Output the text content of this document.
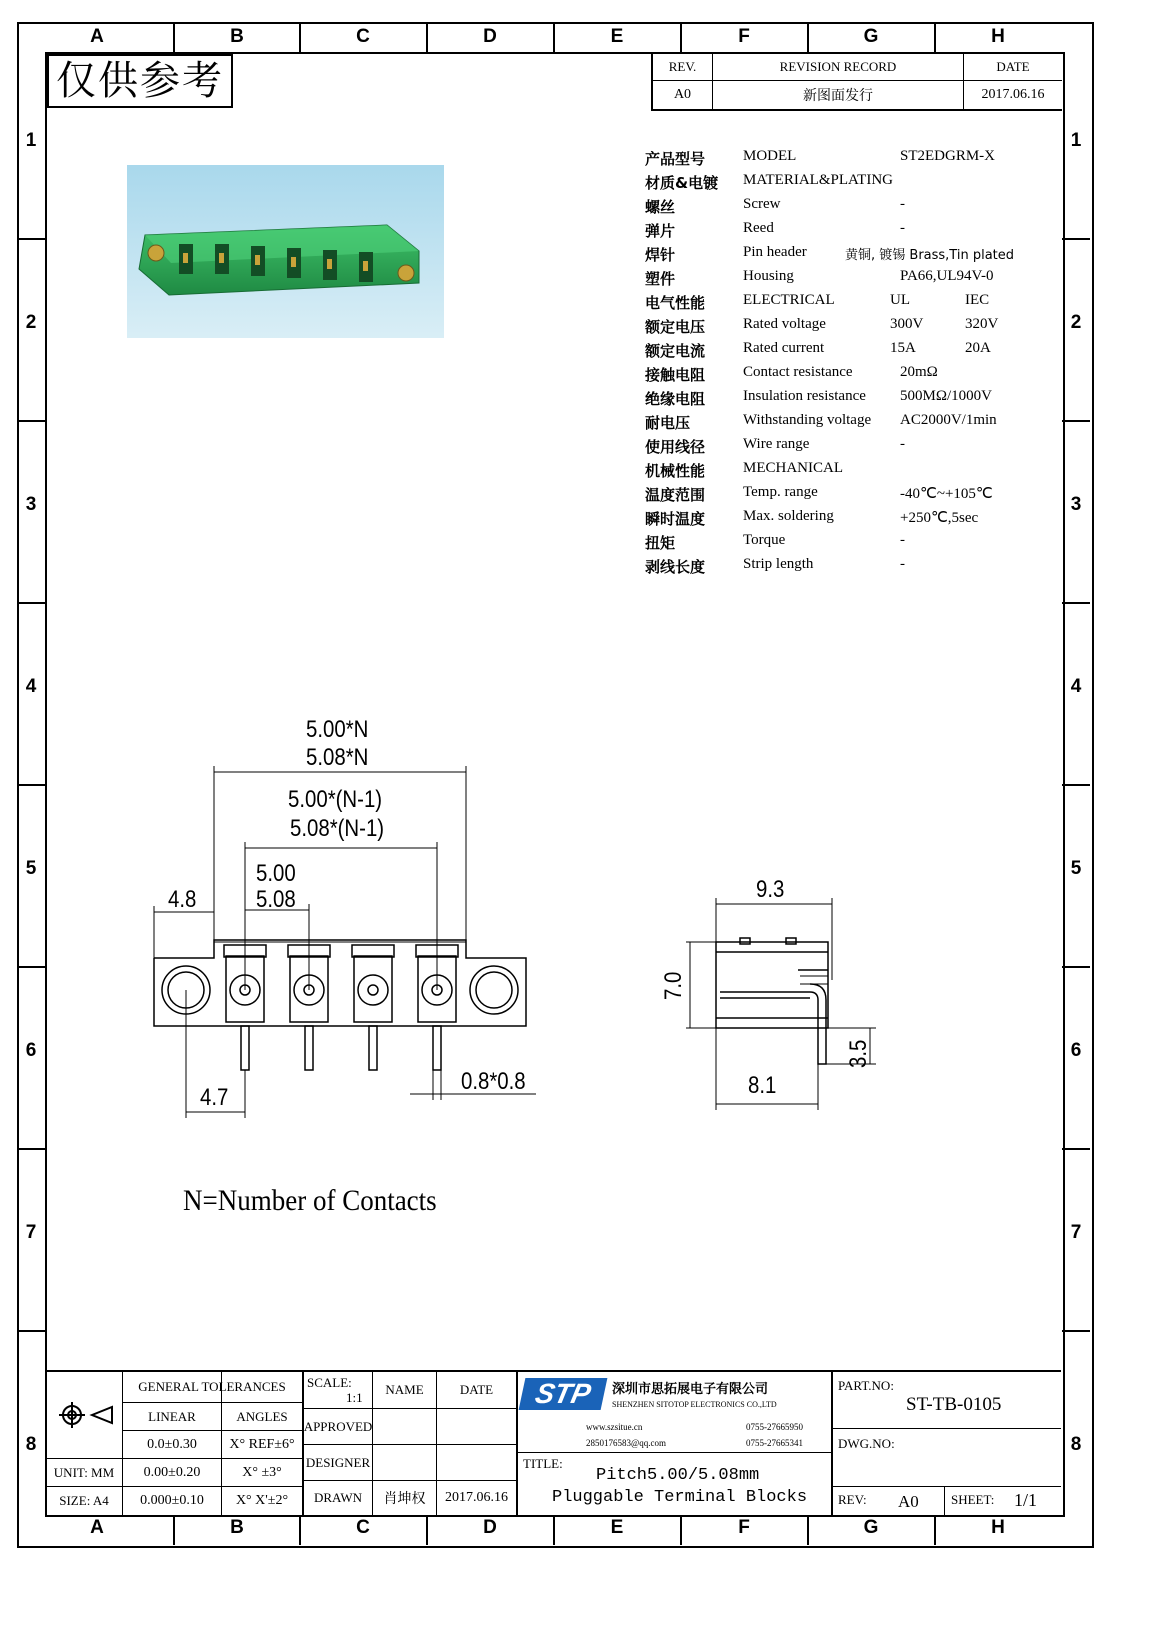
A	B	C	D	E	F	G	H
A	B	C	D	E	F	G	H
1
2
3
4
5
6
7
8
1
2
3
4
5
6
7
8
仅供参考	REV.	REVISION RECORD	DATE
A0	新图面发行	2017.06.16
产品型号	MODEL	ST2EDGRM-X
材质&电镀 MATERIAL&PLATING
螺丝	Screw	-
弹片	Reed	-
焊针	Pin header	黄铜, 镀锡 Brass,Tin plated
塑件	Housing	PA66,UL94V-0
电气性能	ELECTRICAL	UL	IEC
额定电压	Rated voltage	300V	320V
额定电流	Rated current	15A	20A
接触电阻	Contact resistance	20mΩ
绝缘电阻	Insulation resistance 500MΩ/1000V
耐电压	Withstanding voltage AC2000V/1min
使用线径	Wire range	-
机械性能	MECHANICAL
温度范围	Temp. range	-40℃~+105℃
瞬时温度	Max. soldering	+250℃,5sec
扭矩	Torque	-
剥线长度	Strip length	-
5.00*N
5.08*N
5.00*(N-1)
5.08*(N-1)
5.00
5.08
4.8
4.7
0.8*0.8
9.3
7.0
8.1
3.5
N=Number of Contacts
GENERAL TOLERANCES
LINEAR	ANGLES
0.0±0.30	X° REF±6°
UNIT: MM	0.00±0.20	X° ±3°
SIZE: A4	0.000±0.10	X° X'±2°
SCALE:
1:1
NAME	DATE
APPROVED
DESIGNER
DRAWN	肖坤权	2017.06.16
STP	深圳市思拓展电子有限公司
SHENZHEN SITOTOP ELECTRONICS CO.,LTD
www.szsitue.cn
2850176583@qq.com
0755-27665950
0755-27665341
TITLE:
Pitch5.00/5.08mm
Pluggable Terminal Blocks
PART.NO:
ST-TB-0105
DWG.NO:
REV: A0 SHEET: 1/1
